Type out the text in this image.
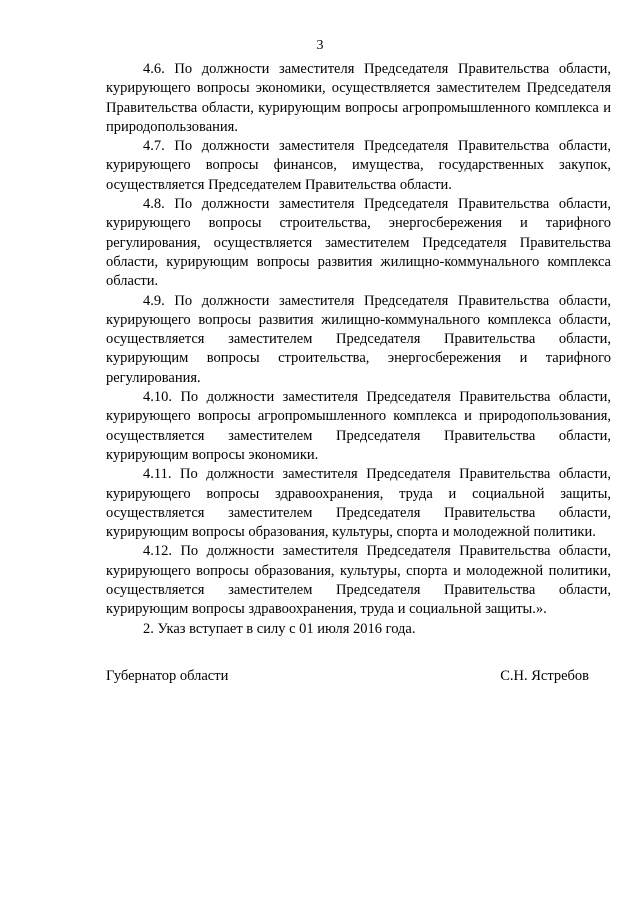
3

4.6. По должности заместителя Председателя Правительства области, курирующего вопросы экономики, осуществляется заместителем Председателя Правительства области, курирующим вопросы агропромышленного комплекса и природопользования.

4.7. По должности заместителя Председателя Правительства области, курирующего вопросы финансов, имущества, государственных закупок, осуществляется Председателем Правительства области.

4.8. По должности заместителя Председателя Правительства области, курирующего вопросы строительства, энергосбережения и тарифного регулирования, осуществляется заместителем Председателя Правительства области, курирующим вопросы развития жилищно-коммунального комплекса области.

4.9. По должности заместителя Председателя Правительства области, курирующего вопросы развития жилищно-коммунального комплекса области, осуществляется заместителем Председателя Правительства области, курирующим вопросы строительства, энергосбережения и тарифного регулирования.

4.10. По должности заместителя Председателя Правительства области, курирующего вопросы агропромышленного комплекса и природопользования, осуществляется заместителем Председателя Правительства области, курирующим вопросы экономики.

4.11. По должности заместителя Председателя Правительства области, курирующего вопросы здравоохранения, труда и социальной защиты, осуществляется заместителем Председателя Правительства области, курирующим вопросы образования, культуры, спорта и молодежной политики.

4.12. По должности заместителя Председателя Правительства области, курирующего вопросы образования, культуры, спорта и молодежной политики, осуществляется заместителем Председателя Правительства области, курирующим вопросы здравоохранения, труда и социальной защиты.».

2. Указ вступает в силу с 01 июля 2016 года.

Губернатор области	С.Н. Ястребов
